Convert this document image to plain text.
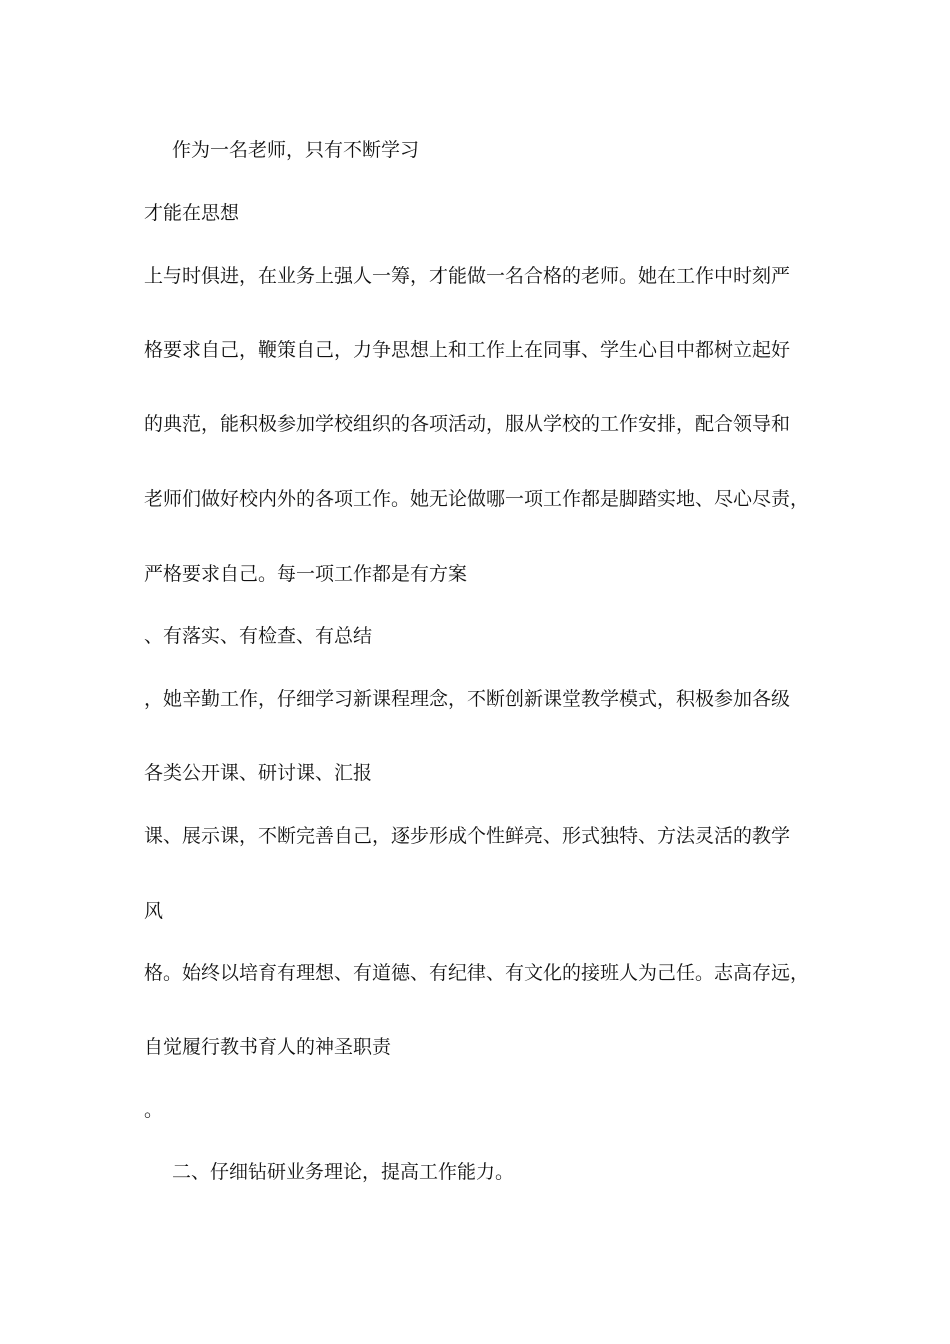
作为一名老师，只有不断学习
才能在思想
上与时俱进，在业务上强人一筹，才能做一名合格的老师。她在工作中时刻严
格要求自己，鞭策自己，力争思想上和工作上在同事、学生心目中都树立起好
的典范，能积极参加学校组织的各项活动，服从学校的工作安排，配合领导和
老师们做好校内外的各项工作。她无论做哪一项工作都是脚踏实地、尽心尽责，
严格要求自己。每一项工作都是有方案
、有落实、有检查、有总结
，她辛勤工作，仔细学习新课程理念，不断创新课堂教学模式，积极参加各级
各类公开课、研讨课、汇报
课、展示课，不断完善自己，逐步形成个性鲜亮、形式独特、方法灵活的教学
风
格。始终以培育有理想、有道德、有纪律、有文化的接班人为己任。志高存远，
自觉履行教书育人的神圣职责
。
二、仔细钻研业务理论，提高工作能力。
